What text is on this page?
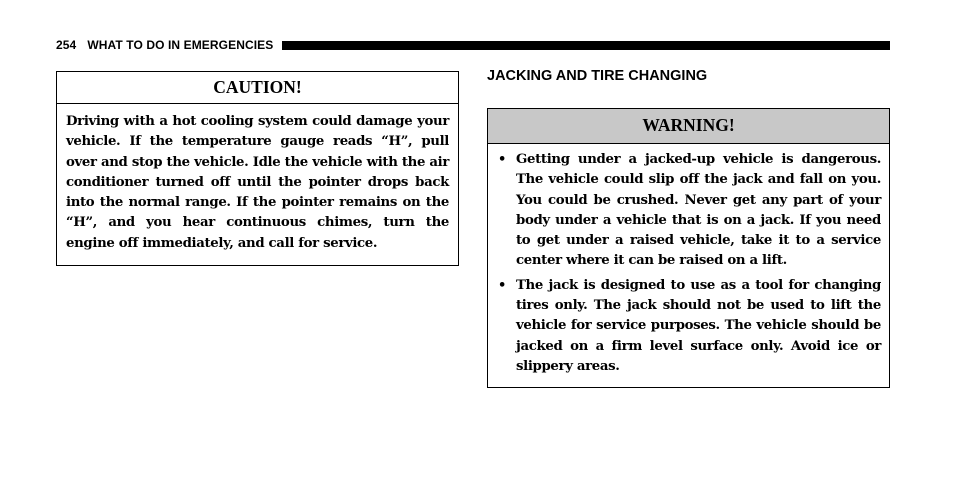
254 WHAT TO DO IN EMERGENCIES
CAUTION!
Driving with a hot cooling system could damage your vehicle. If the temperature gauge reads “H”, pull over and stop the vehicle. Idle the vehicle with the air conditioner turned off until the pointer drops back into the normal range. If the pointer remains on the “H”, and you hear continuous chimes, turn the engine off immediately, and call for service.
JACKING AND TIRE CHANGING
WARNING!
• Getting under a jacked-up vehicle is dangerous. The vehicle could slip off the jack and fall on you. You could be crushed. Never get any part of your body under a vehicle that is on a jack. If you need to get under a raised vehicle, take it to a service center where it can be raised on a lift.
• The jack is designed to use as a tool for changing tires only. The jack should not be used to lift the vehicle for service purposes. The vehicle should be jacked on a firm level surface only. Avoid ice or slippery areas.
